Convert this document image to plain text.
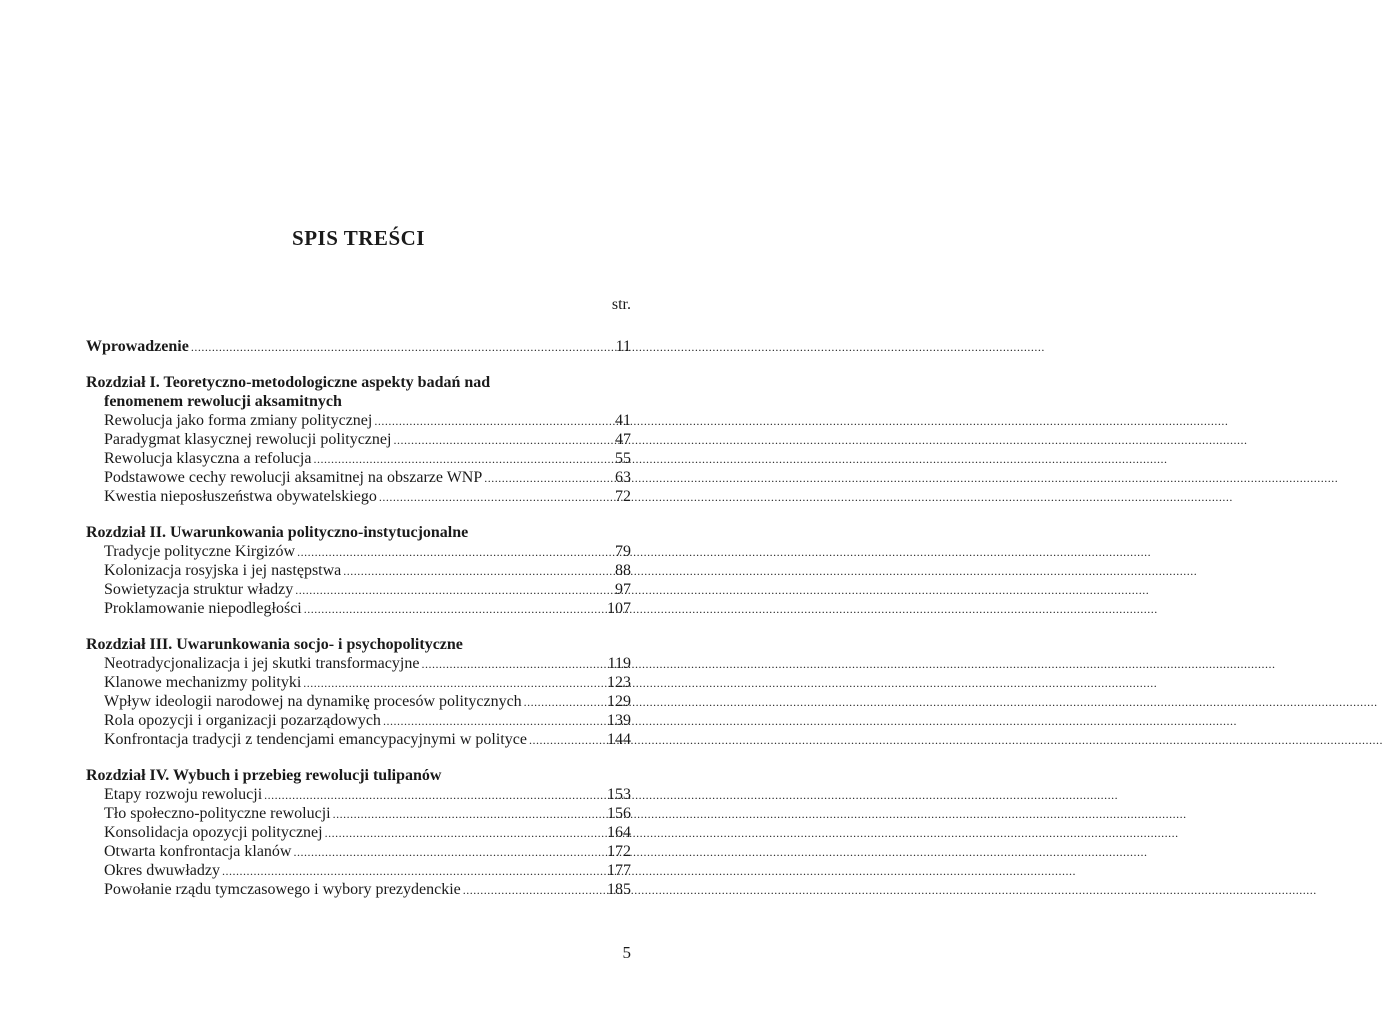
SPIS TREŚCI
str.
Wprowadzenie .....	11
Rozdział I. Teoretyczno-metodologiczne aspekty badań nad
fenomenem rewolucji aksamitnych
Rewolucja jako forma zmiany politycznej .....	41
Paradygmat klasycznej rewolucji politycznej .....	47
Rewolucja klasyczna a refolucja .....	55
Podstawowe cechy rewolucji aksamitnej na obszarze WNP .....	63
Kwestia nieposłuszeństwa obywatelskiego .....	72
Rozdział II. Uwarunkowania polityczno-instytucjonalne
Tradycje polityczne Kirgizów .....	79
Kolonizacja rosyjska i jej następstwa .....	88
Sowietyzacja struktur władzy .....	97
Proklamowanie niepodległości .....	107
Rozdział III. Uwarunkowania socjo- i psychopolityczne
Neotradycjonalizacja i jej skutki transformacyjne .....	119
Klanowe mechanizmy polityki .....	123
Wpływ ideologii narodowej na dynamikę procesów politycznych .....	129
Rola opozycji i organizacji pozarządowych .....	139
Konfrontacja tradycji z tendencjami emancypacyjnymi w polityce .....	144
Rozdział IV. Wybuch i przebieg rewolucji tulipanów
Etapy rozwoju rewolucji .....	153
Tło społeczno-polityczne rewolucji .....	156
Konsolidacja opozycji politycznej .....	164
Otwarta konfrontacja klanów .....	172
Okres dwuwładzy .....	177
Powołanie rządu tymczasowego i wybory prezydenckie .....	185
5
